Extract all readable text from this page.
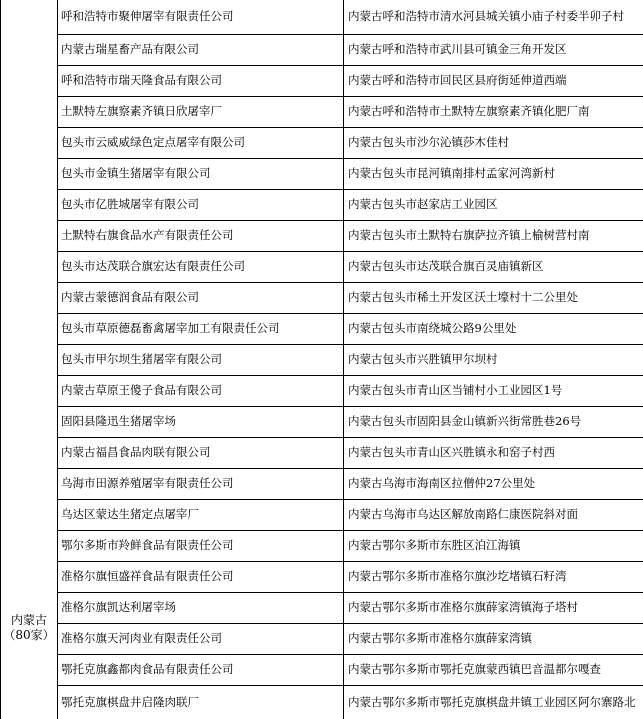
内蒙古
（80家）	呼和浩特市聚伸屠宰有限责任公司	内蒙古呼和浩特市清水河县城关镇小庙子村委半卯子村
	内蒙古瑞星畜产品有限公司	内蒙古呼和浩特市武川县可镇金三角开发区
	呼和浩特市瑞天隆食品有限公司	内蒙古呼和浩特市回民区县府街延伸道西端
	土默特左旗察素齐镇日欣屠宰厂	内蒙古呼和浩特市土默特左旗察素齐镇化肥厂南
	包头市云威威绿色定点屠宰有限公司	内蒙古包头市沙尔沁镇莎木佳村
	包头市金镇生猪屠宰有限公司	内蒙古包头市昆河镇南排村孟家河湾新村
	包头市亿胜城屠宰有限公司	内蒙古包头市赵家店工业园区
	土默特右旗食品水产有限责任公司	内蒙古包头市土默特右旗萨拉齐镇上榆树营村南
	包头市达茂联合旗宏达有限责任公司	内蒙古包头市达茂联合旗百灵庙镇新区
	内蒙古蒙德润食品有限公司	内蒙古包头市稀土开发区沃土壕村十二公里处
	包头市草原德磊畜禽屠宰加工有限责任公司	内蒙古包头市南绕城公路9公里处
	包头市甲尔坝生猪屠宰有限公司	内蒙古包头市兴胜镇甲尔坝村
	内蒙古草原王傻子食品有限公司	内蒙古包头市青山区当铺村小工业园区1号
	固阳县隆迅生猪屠宰场	内蒙古包头市固阳县金山镇新兴街常胜巷26号
	内蒙古福昌食品肉联有限公司	内蒙古包头市青山区兴胜镇永和窑子村西
	乌海市田源养殖屠宰有限责任公司	内蒙古乌海市海南区拉僧仲27公里处
	乌达区蒙达生猪定点屠宰厂	内蒙古乌海市乌达区解放南路仁康医院斜对面
	鄂尔多斯市羚鲜食品有限责任公司	内蒙古鄂尔多斯市东胜区泊江海镇
	准格尔旗恒盛祥食品有限责任公司	内蒙古鄂尔多斯市准格尔旗沙圪堵镇石籽湾
	准格尔旗凯达利屠宰场	内蒙古鄂尔多斯市准格尔旗薛家湾镇海子塔村
	准格尔旗天河肉业有限责任公司	内蒙古鄂尔多斯市准格尔旗薛家湾镇
	鄂托克旗鑫都肉食品有限责任公司	内蒙古鄂尔多斯市鄂托克旗蒙西镇巴音温都尔嘎查
	鄂托克旗棋盘井启隆肉联厂	内蒙古鄂尔多斯市鄂托克旗棋盘井镇工业园区阿尔寨路北
